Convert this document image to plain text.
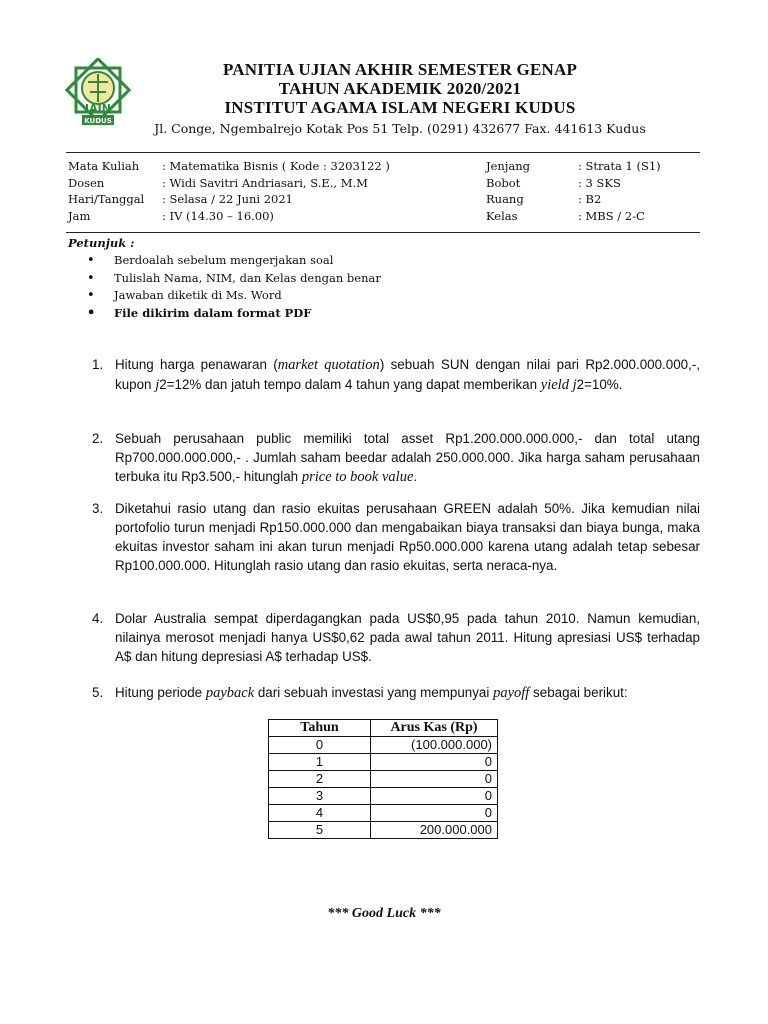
IAIN
KUDUS
PANITIA UJIAN AKHIR SEMESTER GENAP
TAHUN AKADEMIK 2020/2021
INSTITUT AGAMA ISLAM NEGERI KUDUS
Jl. Conge, Ngembalrejo Kotak Pos 51 Telp. (0291) 432677 Fax. 441613 Kudus
Mata Kuliah	: Matematika Bisnis ( Kode : 3203122 )
Dosen	: Widi Savitri Andriasari, S.E., M.M
Hari/Tanggal	: Selasa / 22 Juni 2021
Jam	: IV (14.30 – 16.00)
Jenjang	: Strata 1 (S1)
Bobot	: 3 SKS
Ruang	: B2
Kelas	: MBS / 2-C
Petunjuk :
• Berdoalah sebelum mengerjakan soal
• Tulislah Nama, NIM, dan Kelas dengan benar
• Jawaban diketik di Ms. Word
• File dikirim dalam format PDF
1. Hitung harga penawaran (market quotation) sebuah SUN dengan nilai pari Rp2.000.000.000,-, kupon j2=12% dan jatuh tempo dalam 4 tahun yang dapat memberikan yield j2=10%.
2. Sebuah perusahaan public memiliki total asset Rp1.200.000.000.000,- dan total utang Rp700.000.000.000,- . Jumlah saham beedar adalah 250.000.000. Jika harga saham perusahaan terbuka itu Rp3.500,- hitunglah price to book value.
3. Diketahui rasio utang dan rasio ekuitas perusahaan GREEN adalah 50%. Jika kemudian nilai portofolio turun menjadi Rp150.000.000 dan mengabaikan biaya transaksi dan biaya bunga, maka ekuitas investor saham ini akan turun menjadi Rp50.000.000 karena utang adalah tetap sebesar Rp100.000.000. Hitunglah rasio utang dan rasio ekuitas, serta neraca-nya.
4. Dolar Australia sempat diperdagangkan pada US$0,95 pada tahun 2010. Namun kemudian, nilainya merosot menjadi hanya US$0,62 pada awal tahun 2011. Hitung apresiasi US$ terhadap A$ dan hitung depresiasi A$ terhadap US$.
5. Hitung periode payback dari sebuah investasi yang mempunyai payoff sebagai berikut:
Tahun	Arus Kas (Rp)
0	(100.000.000)
1	0
2	0
3	0
4	0
5	200.000.000
*** Good Luck ***
